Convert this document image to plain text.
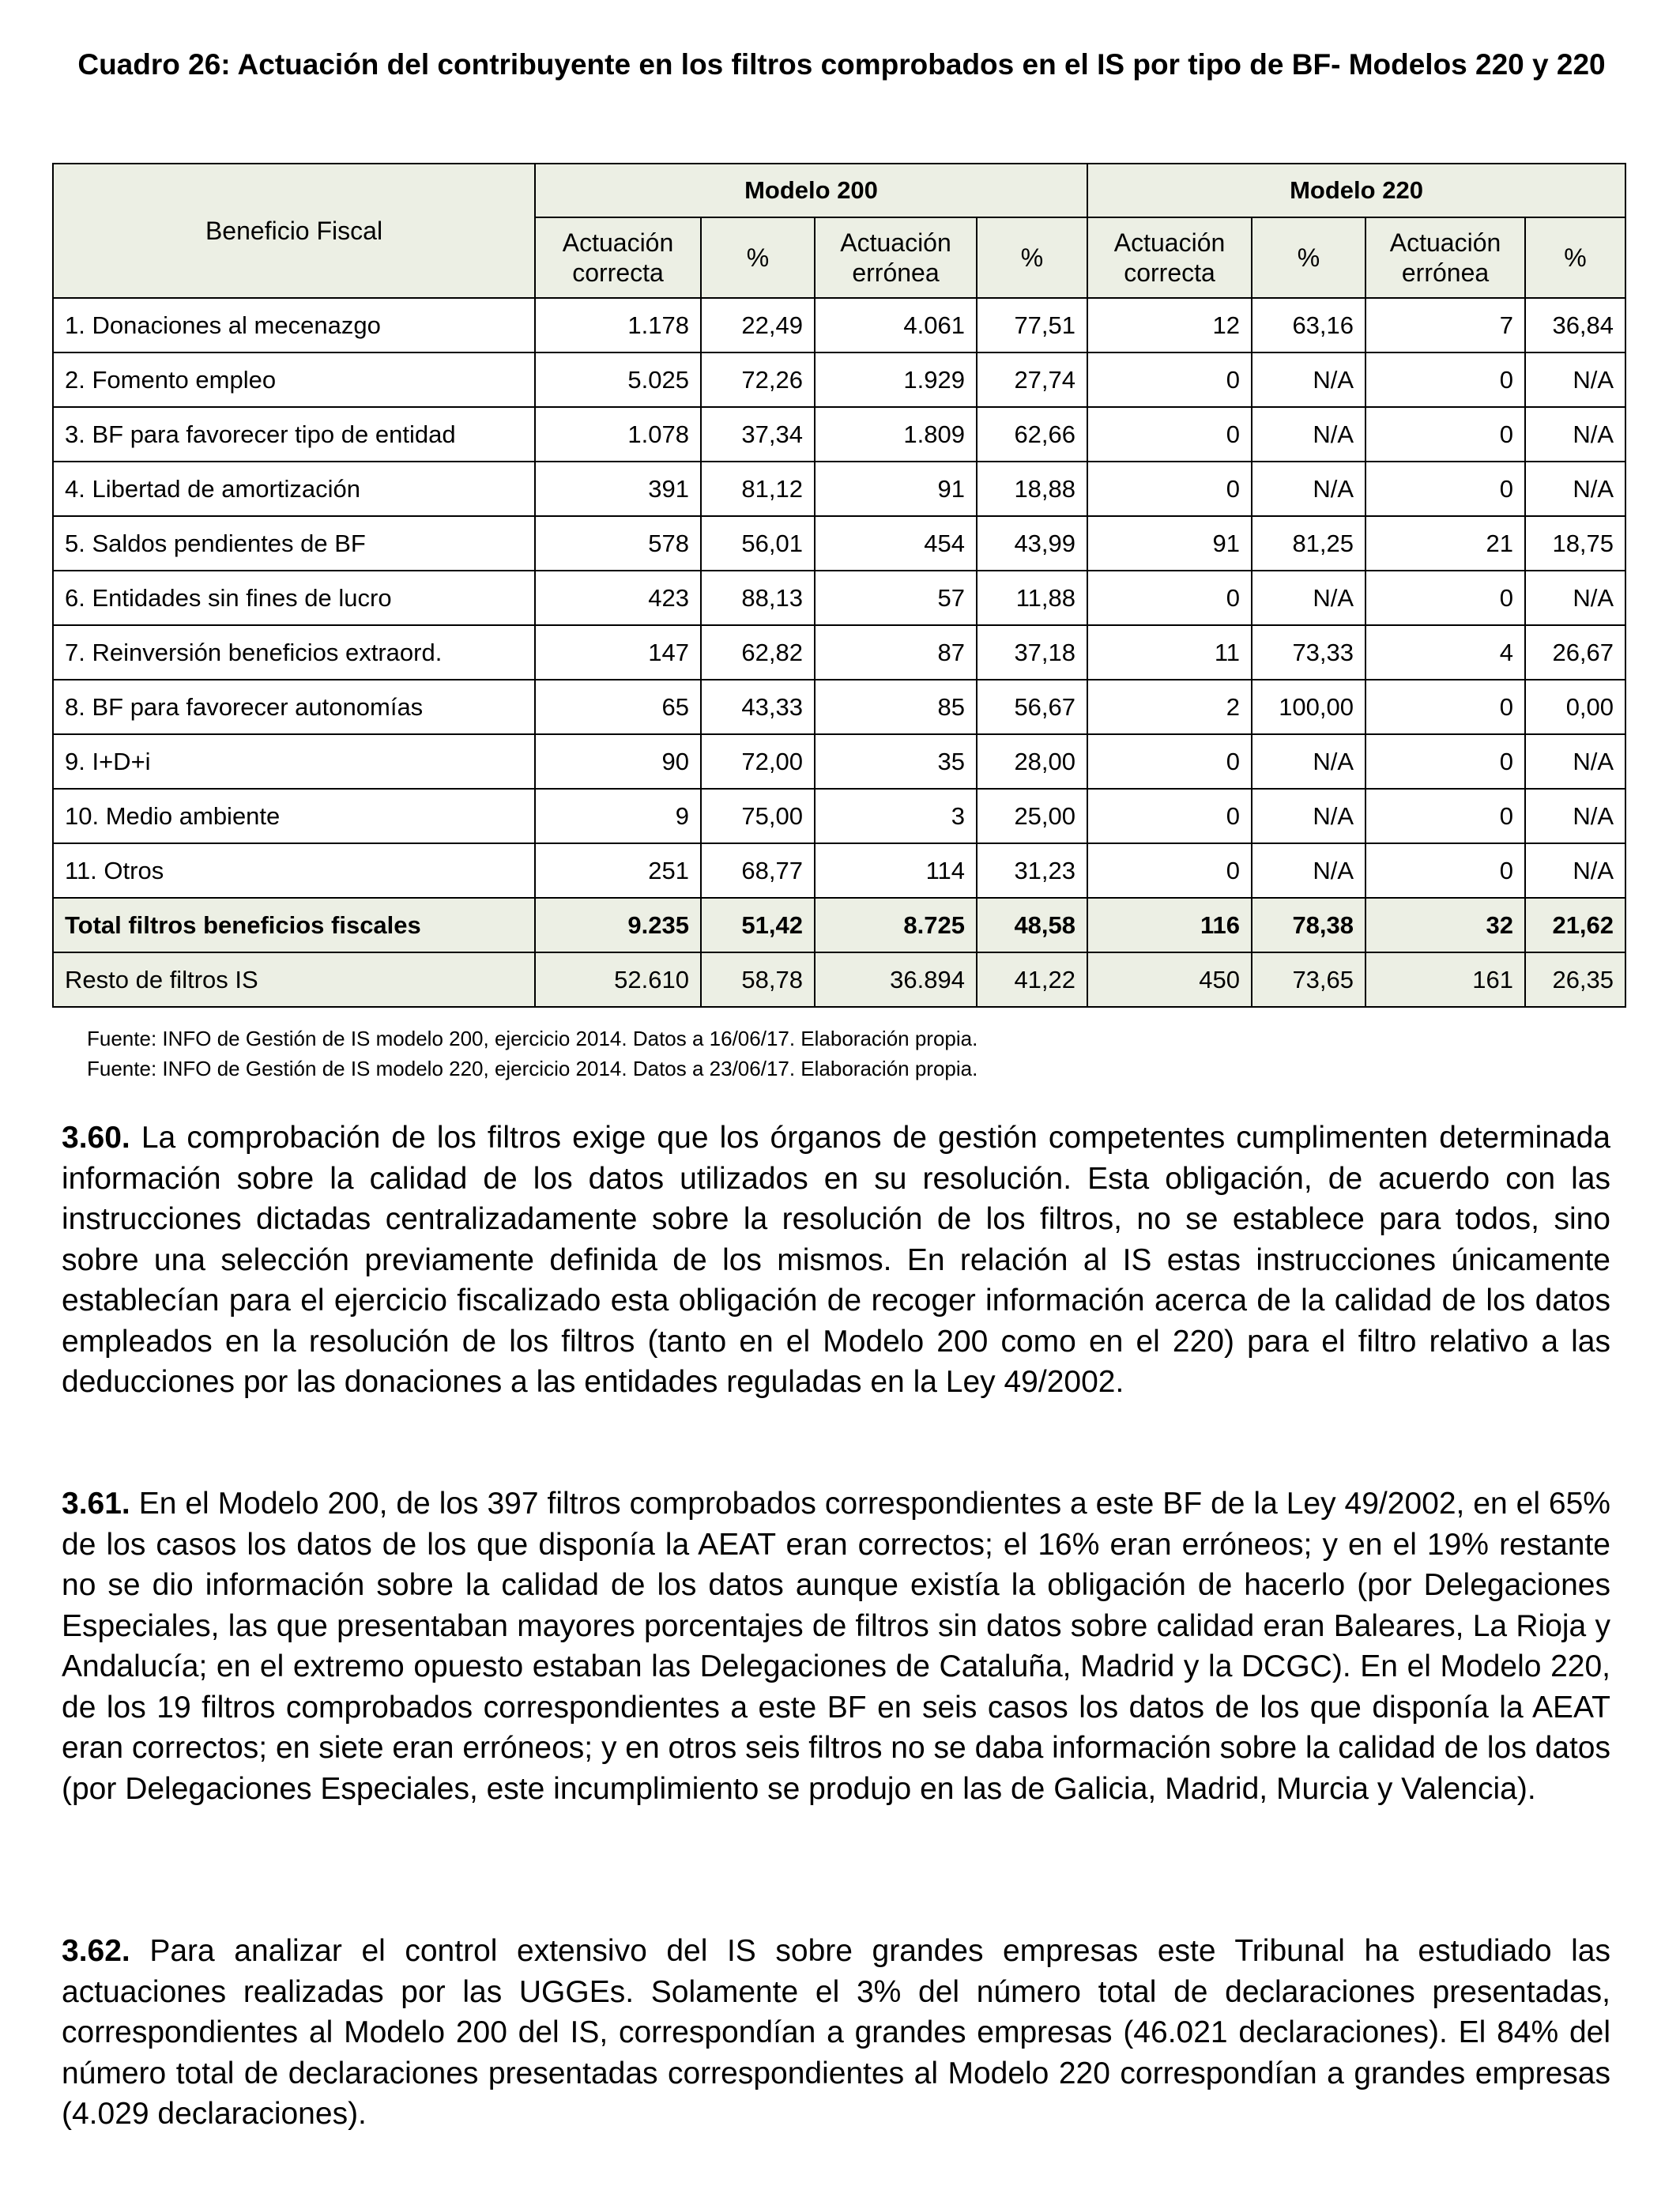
Cuadro 26: Actuación del contribuyente en los filtros comprobados en el IS por tipo de BF- Modelos 220 y 220
Beneficio Fiscal	Modelo 200				Modelo 220			
	Actuación correcta	%	Actuación errónea	%	Actuación correcta	%	Actuación errónea	%
1. Donaciones al mecenazgo	1.178	22,49	4.061	77,51	12	63,16	7	36,84
2. Fomento empleo	5.025	72,26	1.929	27,74	0	N/A	0	N/A
3. BF para favorecer tipo de entidad	1.078	37,34	1.809	62,66	0	N/A	0	N/A
4. Libertad de amortización	391	81,12	91	18,88	0	N/A	0	N/A
5. Saldos pendientes de BF	578	56,01	454	43,99	91	81,25	21	18,75
6. Entidades sin fines de lucro	423	88,13	57	11,88	0	N/A	0	N/A
7. Reinversión beneficios extraord.	147	62,82	87	37,18	11	73,33	4	26,67
8. BF para favorecer autonomías	65	43,33	85	56,67	2	100,00	0	0,00
9. I+D+i	90	72,00	35	28,00	0	N/A	0	N/A
10. Medio ambiente	9	75,00	3	25,00	0	N/A	0	N/A
11. Otros	251	68,77	114	31,23	0	N/A	0	N/A
Total filtros beneficios fiscales	9.235	51,42	8.725	48,58	116	78,38	32	21,62
Resto de filtros IS	52.610	58,78	36.894	41,22	450	73,65	161	26,35
Fuente: INFO de Gestión de IS modelo 200, ejercicio 2014. Datos a 16/06/17. Elaboración propia.
Fuente: INFO de Gestión de IS modelo 220, ejercicio 2014. Datos a 23/06/17. Elaboración propia.
3.60. La comprobación de los filtros exige que los órganos de gestión competentes cumplimenten determinada información sobre la calidad de los datos utilizados en su resolución. Esta obligación, de acuerdo con las instrucciones dictadas centralizadamente sobre la resolución de los filtros, no se establece para todos, sino sobre una selección previamente definida de los mismos. En relación al IS estas instrucciones únicamente establecían para el ejercicio fiscalizado esta obligación de recoger información acerca de la calidad de los datos empleados en la resolución de los filtros (tanto en el Modelo 200 como en el 220) para el filtro relativo a las deducciones por las donaciones a las entidades reguladas en la Ley 49/2002.
3.61. En el Modelo 200, de los 397 filtros comprobados correspondientes a este BF de la Ley 49/2002, en el 65% de los casos los datos de los que disponía la AEAT eran correctos; el 16% eran erróneos; y en el 19% restante no se dio información sobre la calidad de los datos aunque existía la obligación de hacerlo (por Delegaciones Especiales, las que presentaban mayores porcentajes de filtros sin datos sobre calidad eran Baleares, La Rioja y Andalucía; en el extremo opuesto estaban las Delegaciones de Cataluña, Madrid y la DCGC). En el Modelo 220, de los 19 filtros comprobados correspondientes a este BF en seis casos los datos de los que disponía la AEAT eran correctos; en siete eran erróneos; y en otros seis filtros no se daba información sobre la calidad de los datos (por Delegaciones Especiales, este incumplimiento se produjo en las de Galicia, Madrid, Murcia y Valencia).
3.62. Para analizar el control extensivo del IS sobre grandes empresas este Tribunal ha estudiado las actuaciones realizadas por las UGGEs. Solamente el 3% del número total de declaraciones presentadas, correspondientes al Modelo 200 del IS, correspondían a grandes empresas (46.021 declaraciones). El 84% del número total de declaraciones presentadas correspondientes al Modelo 220 correspondían a grandes empresas (4.029 declaraciones).
